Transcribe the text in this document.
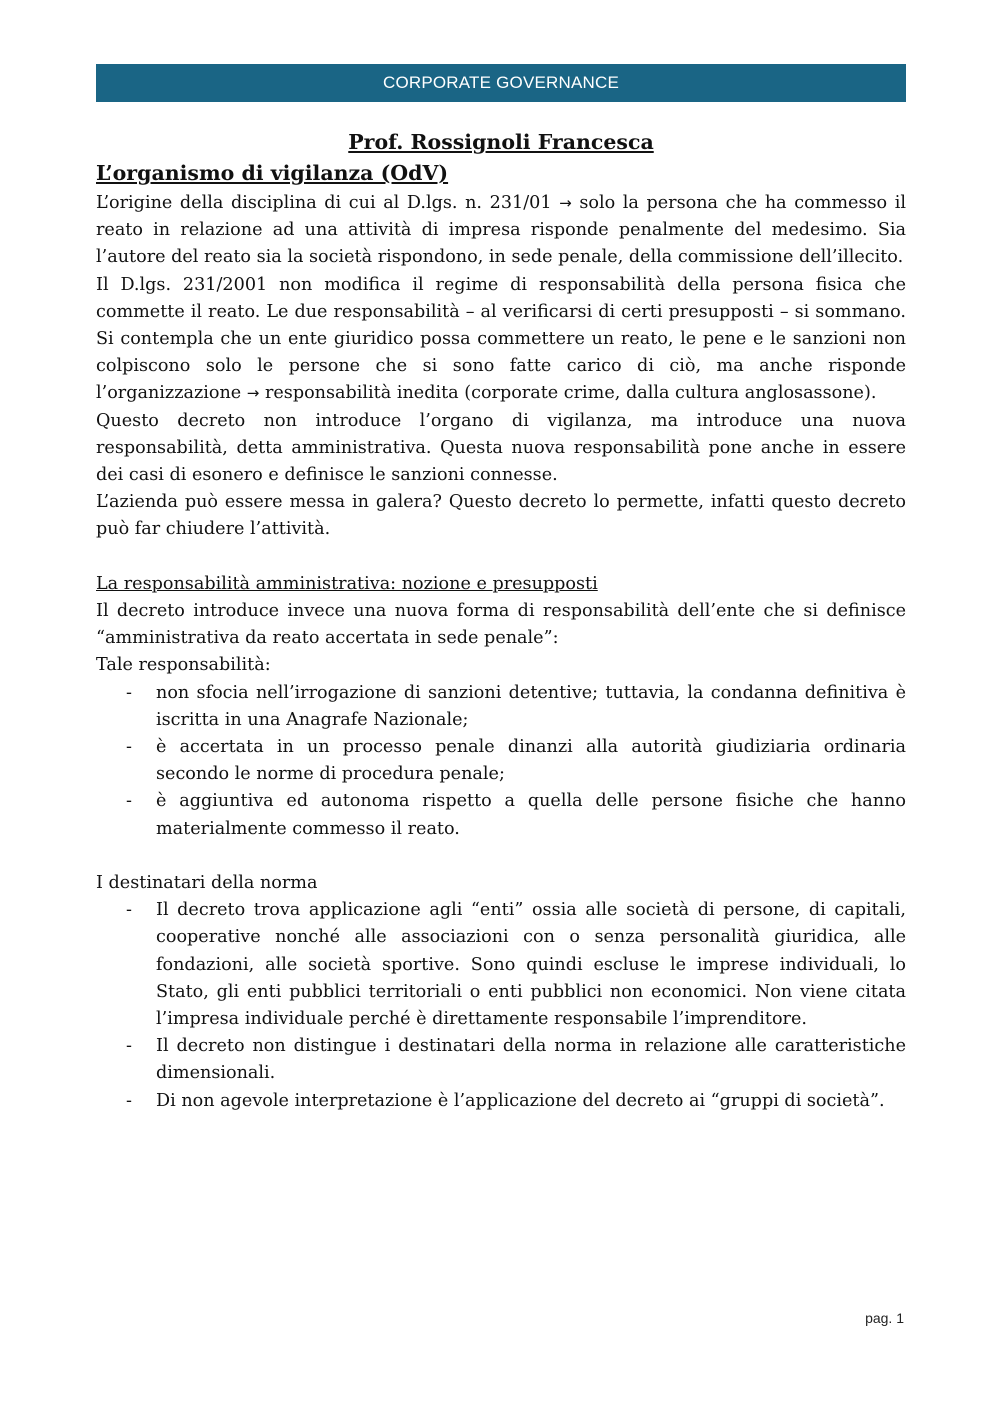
CORPORATE GOVERNANCE
Prof. Rossignoli Francesca
L’organismo di vigilanza (OdV)

L’origine della disciplina di cui al D.lgs. n. 231/01 → solo la persona che ha commesso il reato in relazione ad una attività di impresa risponde penalmente del medesimo. Sia l’autore del reato sia la società rispondono, in sede penale, della commissione dell’illecito.

Il D.lgs. 231/2001 non modifica il regime di responsabilità della persona fisica che commette il reato. Le due responsabilità – al verificarsi di certi presupposti – si sommano. Si contempla che un ente giuridico possa commettere un reato, le pene e le sanzioni non colpiscono solo le persone che si sono fatte carico di ciò, ma anche risponde l’organizzazione → responsabilità inedita (corporate crime, dalla cultura anglosassone).

Questo decreto non introduce l’organo di vigilanza, ma introduce una nuova responsabilità, detta amministrativa. Questa nuova responsabilità pone anche in essere dei casi di esonero e definisce le sanzioni connesse.

L’azienda può essere messa in galera? Questo decreto lo permette, infatti questo decreto può far chiudere l’attività.

La responsabilità amministrativa: nozione e presupposti

Il decreto introduce invece una nuova forma di responsabilità dell’ente che si definisce “amministrativa da reato accertata in sede penale”:

Tale responsabilità:

- non sfocia nell’irrogazione di sanzioni detentive; tuttavia, la condanna definitiva è iscritta in una Anagrafe Nazionale;
- è accertata in un processo penale dinanzi alla autorità giudiziaria ordinaria secondo le norme di procedura penale;
- è aggiuntiva ed autonoma rispetto a quella delle persone fisiche che hanno materialmente commesso il reato.

I destinatari della norma

- Il decreto trova applicazione agli “enti” ossia alle società di persone, di capitali, cooperative nonché alle associazioni con o senza personalità giuridica, alle fondazioni, alle società sportive. Sono quindi escluse le imprese individuali, lo Stato, gli enti pubblici territoriali o enti pubblici non economici. Non viene citata l’impresa individuale perché è direttamente responsabile l’imprenditore.
- Il decreto non distingue i destinatari della norma in relazione alle caratteristiche dimensionali.
- Di non agevole interpretazione è l’applicazione del decreto ai “gruppi di società”.
pag. 1
